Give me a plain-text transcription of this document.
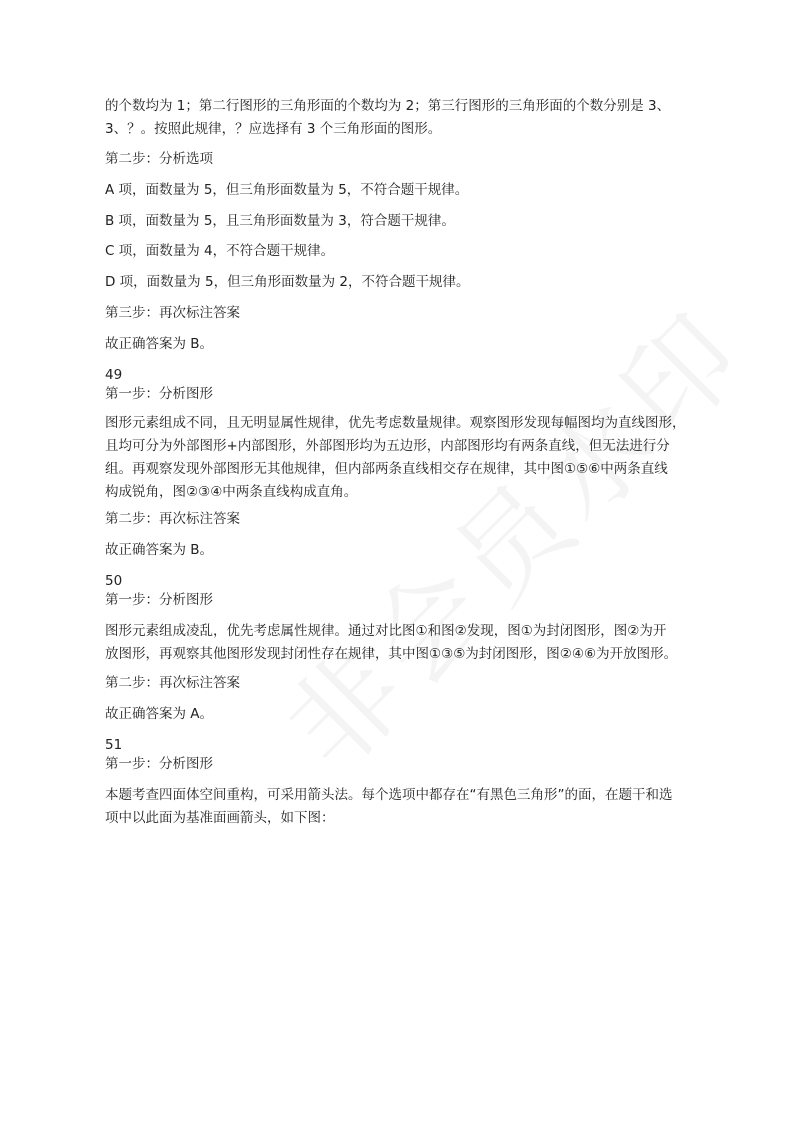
的个数均为 1；第二行图形的三角形面的个数均为 2；第三行图形的三角形面的个数分别是 3、
3、？。按照此规律，？应选择有 3 个三角形面的图形。
第二步：分析选项
A 项，面数量为 5，但三角形面数量为 5，不符合题干规律。
B 项，面数量为 5，且三角形面数量为 3，符合题干规律。
C 项，面数量为 4，不符合题干规律。
D 项，面数量为 5，但三角形面数量为 2，不符合题干规律。
第三步：再次标注答案
故正确答案为 B。
49
第一步：分析图形
图形元素组成不同，且无明显属性规律，优先考虑数量规律。观察图形发现每幅图均为直线图形，
且均可分为外部图形+内部图形，外部图形均为五边形，内部图形均有两条直线，但无法进行分
组。再观察发现外部图形无其他规律，但内部两条直线相交存在规律，其中图①⑤⑥中两条直线
构成锐角，图②③④中两条直线构成直角。
第二步：再次标注答案
故正确答案为 B。
50
第一步：分析图形
图形元素组成凌乱，优先考虑属性规律。通过对比图①和图②发现，图①为封闭图形，图②为开
放图形，再观察其他图形发现封闭性存在规律，其中图①③⑤为封闭图形，图②④⑥为开放图形。
第二步：再次标注答案
故正确答案为 A。
51
第一步：分析图形
本题考查四面体空间重构，可采用箭头法。每个选项中都存在“有黑色三角形”的面，在题干和选
项中以此面为基准面画箭头，如下图：
